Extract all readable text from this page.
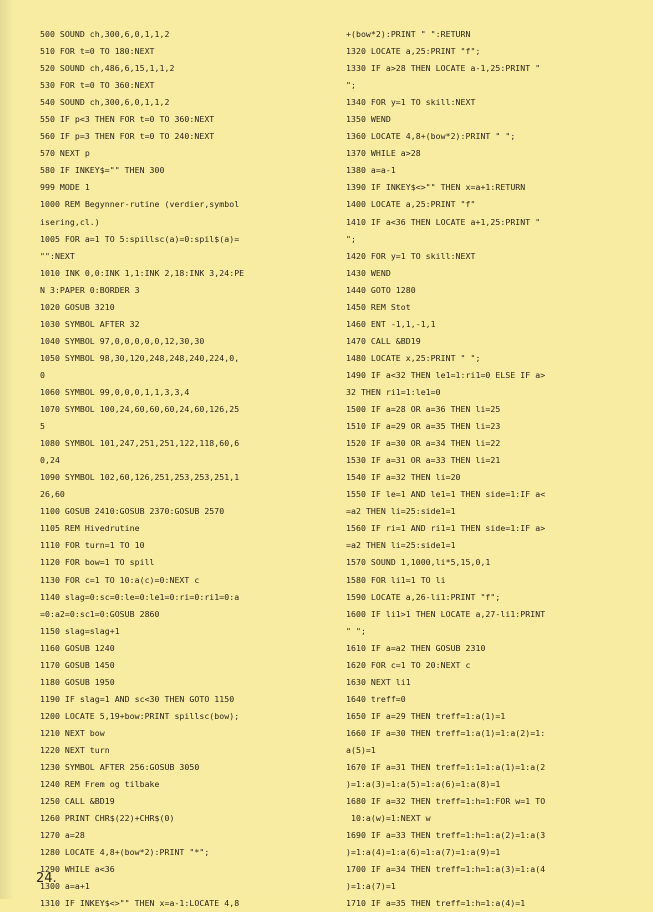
500 SOUND ch,300,6,0,1,1,2
510 FOR t=0 TO 180:NEXT
520 SOUND ch,486,6,15,1,1,2
530 FOR t=0 TO 360:NEXT
540 SOUND ch,300,6,0,1,1,2
550 IF p<3 THEN FOR t=0 TO 360:NEXT
560 IF p=3 THEN FOR t=0 TO 240:NEXT
570 NEXT p
580 IF INKEY$="" THEN 300
999 MODE 1
1000 REM Begynner-rutine (verdier,symbol
isering,cl.)
1005 FOR a=1 TO 5:spillsc(a)=0:spil$(a)=
"":NEXT
1010 INK 0,0:INK 1,1:INK 2,18:INK 3,24:PE
N 3:PAPER 0:BORDER 3
1020 GOSUB 3210
1030 SYMBOL AFTER 32
1040 SYMBOL 97,0,0,0,0,0,12,30,30
1050 SYMBOL 98,30,120,248,248,240,224,0,
0
1060 SYMBOL 99,0,0,0,1,1,3,3,4
1070 SYMBOL 100,24,60,60,60,24,60,126,25
5
1080 SYMBOL 101,247,251,251,122,118,60,6
0,24
1090 SYMBOL 102,60,126,251,253,253,251,1
26,60
1100 GOSUB 2410:GOSUB 2370:GOSUB 2570
1105 REM Hivedrutine
1110 FOR turn=1 TO 10
1120 FOR bow=1 TO spill
1130 FOR c=1 TO 10:a(c)=0:NEXT c
1140 slag=0:sc=0:le=0:le1=0:ri=0:ri1=0:a
=0:a2=0:sc1=0:GOSUB 2860
1150 slag=slag+1
1160 GOSUB 1240
1170 GOSUB 1450
1180 GOSUB 1950
1190 IF slag=1 AND sc<30 THEN GOTO 1150
1200 LOCATE 5,19+bow:PRINT spillsc(bow);
1210 NEXT bow
1220 NEXT turn
1230 SYMBOL AFTER 256:GOSUB 3050
1240 REM Frem og tilbake
1250 CALL &BD19
1260 PRINT CHR$(22)+CHR$(0)
1270 a=28
1280 LOCATE 4,8+(bow*2):PRINT "*";
1290 WHILE a<36
1300 a=a+1
1310 IF INKEY$<>"" THEN x=a-1:LOCATE 4,8
+(bow*2):PRINT " ":RETURN
1320 LOCATE a,25:PRINT "f";
1330 IF a>28 THEN LOCATE a-1,25:PRINT "
";
1340 FOR y=1 TO skill:NEXT
1350 WEND
1360 LOCATE 4,8+(bow*2):PRINT " ";
1370 WHILE a>28
1380 a=a-1
1390 IF INKEY$<>"" THEN x=a+1:RETURN
1400 LOCATE a,25:PRINT "f"
1410 IF a<36 THEN LOCATE a+1,25:PRINT "
";
1420 FOR y=1 TO skill:NEXT
1430 WEND
1440 GOTO 1280
1450 REM Stot
1460 ENT -1,1,-1,1
1470 CALL &BD19
1480 LOCATE x,25:PRINT " ";
1490 IF a<32 THEN le1=1:ri1=0 ELSE IF a>
32 THEN ri1=1:le1=0
1500 IF a=28 OR a=36 THEN li=25
1510 IF a=29 OR a=35 THEN li=23
1520 IF a=30 OR a=34 THEN li=22
1530 IF a=31 OR a=33 THEN li=21
1540 IF a=32 THEN li=20
1550 IF le=1 AND le1=1 THEN side=1:IF a<
=a2 THEN li=25:side1=1
1560 IF ri=1 AND ri1=1 THEN side=1:IF a>
=a2 THEN li=25:side1=1
1570 SOUND 1,1000,li*5,15,0,1
1580 FOR li1=1 TO li
1590 LOCATE a,26-li1:PRINT "f";
1600 IF li1>1 THEN LOCATE a,27-li1:PRINT
" ";
1610 IF a=a2 THEN GOSUB 2310
1620 FOR c=1 TO 20:NEXT c
1630 NEXT li1
1640 treff=0
1650 IF a=29 THEN treff=1:a(1)=1
1660 IF a=30 THEN treff=1:a(1)=1:a(2)=1:
a(5)=1
1670 IF a=31 THEN treff=1:1=1:a(1)=1:a(2
)=1:a(3)=1:a(5)=1:a(6)=1:a(8)=1
1680 IF a=32 THEN treff=1:h=1:FOR w=1 TO
10:a(w)=1:NEXT w
1690 IF a=33 THEN treff=1:h=1:a(2)=1:a(3
)=1:a(4)=1:a(6)=1:a(7)=1:a(9)=1
1700 IF a=34 THEN treff=1:h=1:a(3)=1:a(4
)=1:a(7)=1
1710 IF a=35 THEN treff=1:h=1:a(4)=1
24.
